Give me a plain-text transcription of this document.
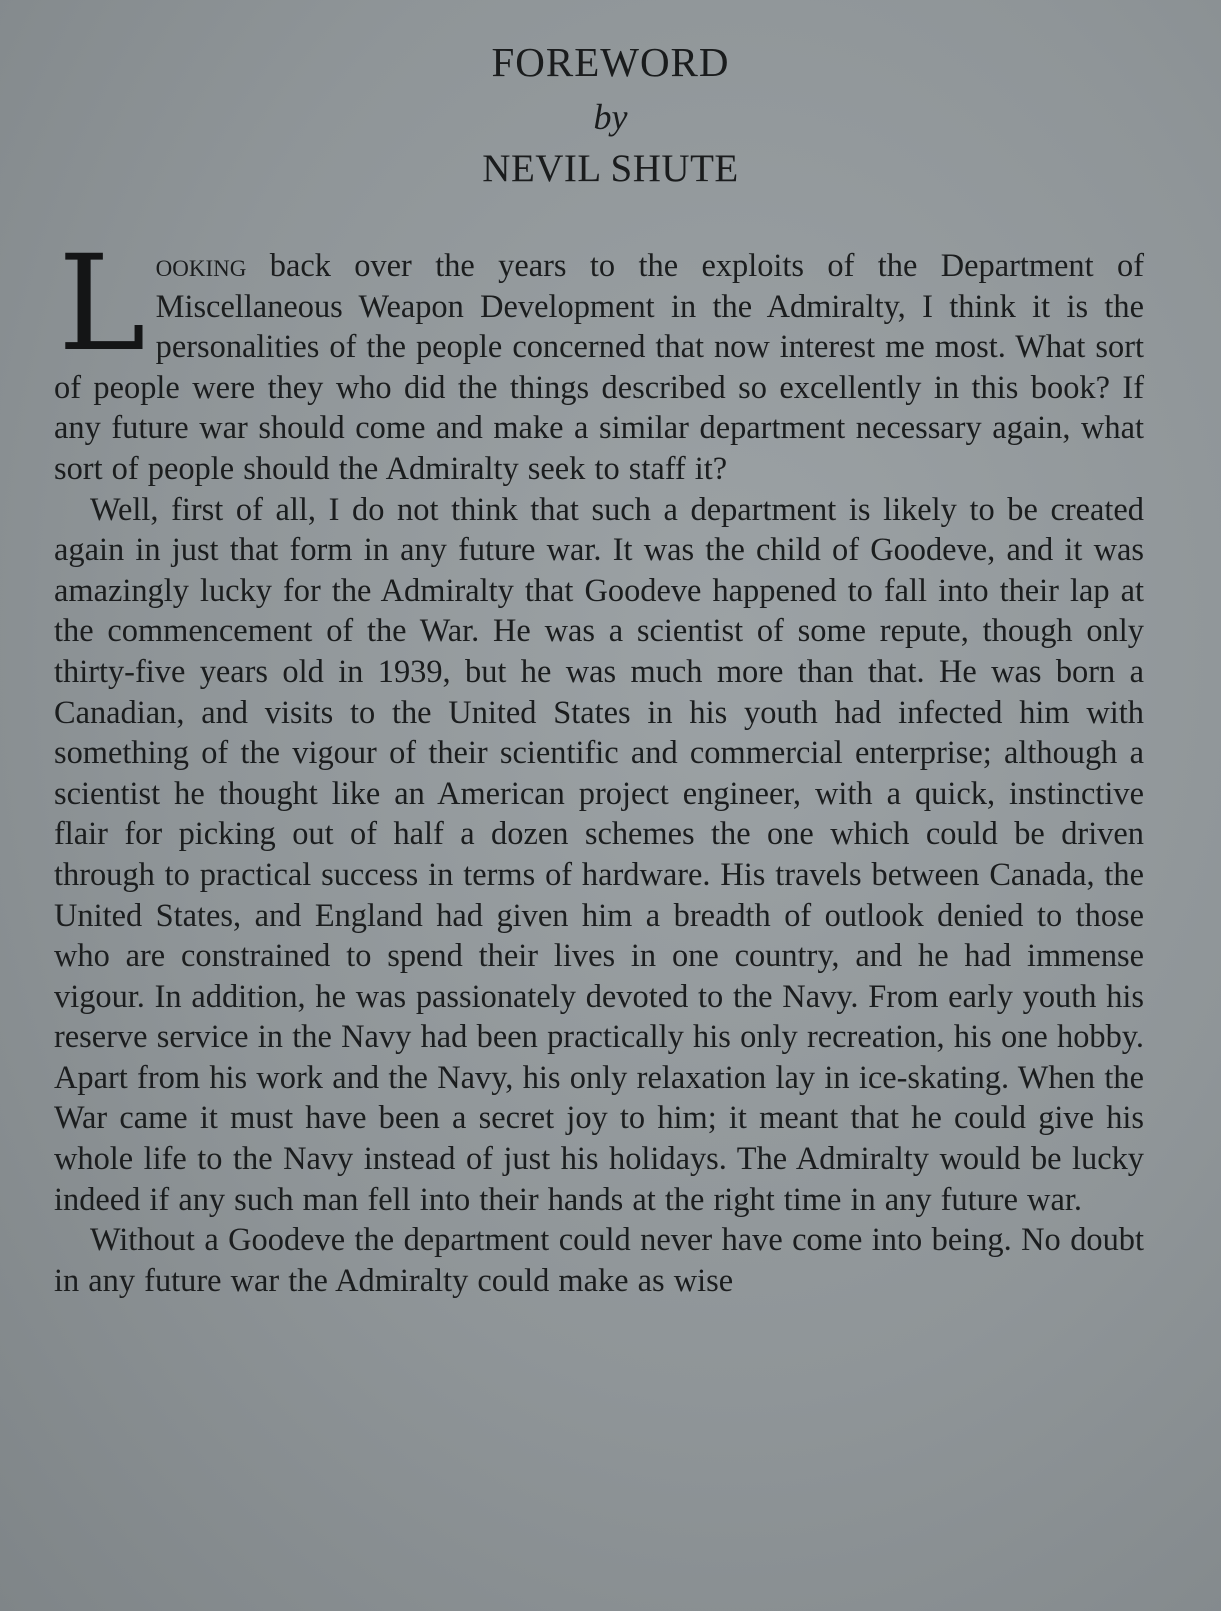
FOREWORD
by
NEVIL SHUTE

Looking back over the years to the exploits of the Department of Miscellaneous Weapon Development in the Admiralty, I think it is the personalities of the people concerned that now interest me most. What sort of people were they who did the things described so excellently in this book? If any future war should come and make a similar department necessary again, what sort of people should the Admiralty seek to staff it?

Well, first of all, I do not think that such a department is likely to be created again in just that form in any future war. It was the child of Goodeve, and it was amazingly lucky for the Admiralty that Goodeve happened to fall into their lap at the commencement of the War. He was a scientist of some repute, though only thirty-five years old in 1939, but he was much more than that. He was born a Canadian, and visits to the United States in his youth had infected him with something of the vigour of their scientific and commercial enterprise; although a scientist he thought like an American project engineer, with a quick, instinctive flair for picking out of half a dozen schemes the one which could be driven through to practical success in terms of hardware. His travels between Canada, the United States, and England had given him a breadth of outlook denied to those who are constrained to spend their lives in one country, and he had immense vigour. In addition, he was passionately devoted to the Navy. From early youth his reserve service in the Navy had been practically his only recreation, his one hobby. Apart from his work and the Navy, his only relaxation lay in ice-skating. When the War came it must have been a secret joy to him; it meant that he could give his whole life to the Navy instead of just his holidays. The Admiralty would be lucky indeed if any such man fell into their hands at the right time in any future war.

Without a Goodeve the department could never have come into being. No doubt in any future war the Admiralty could make as wise
